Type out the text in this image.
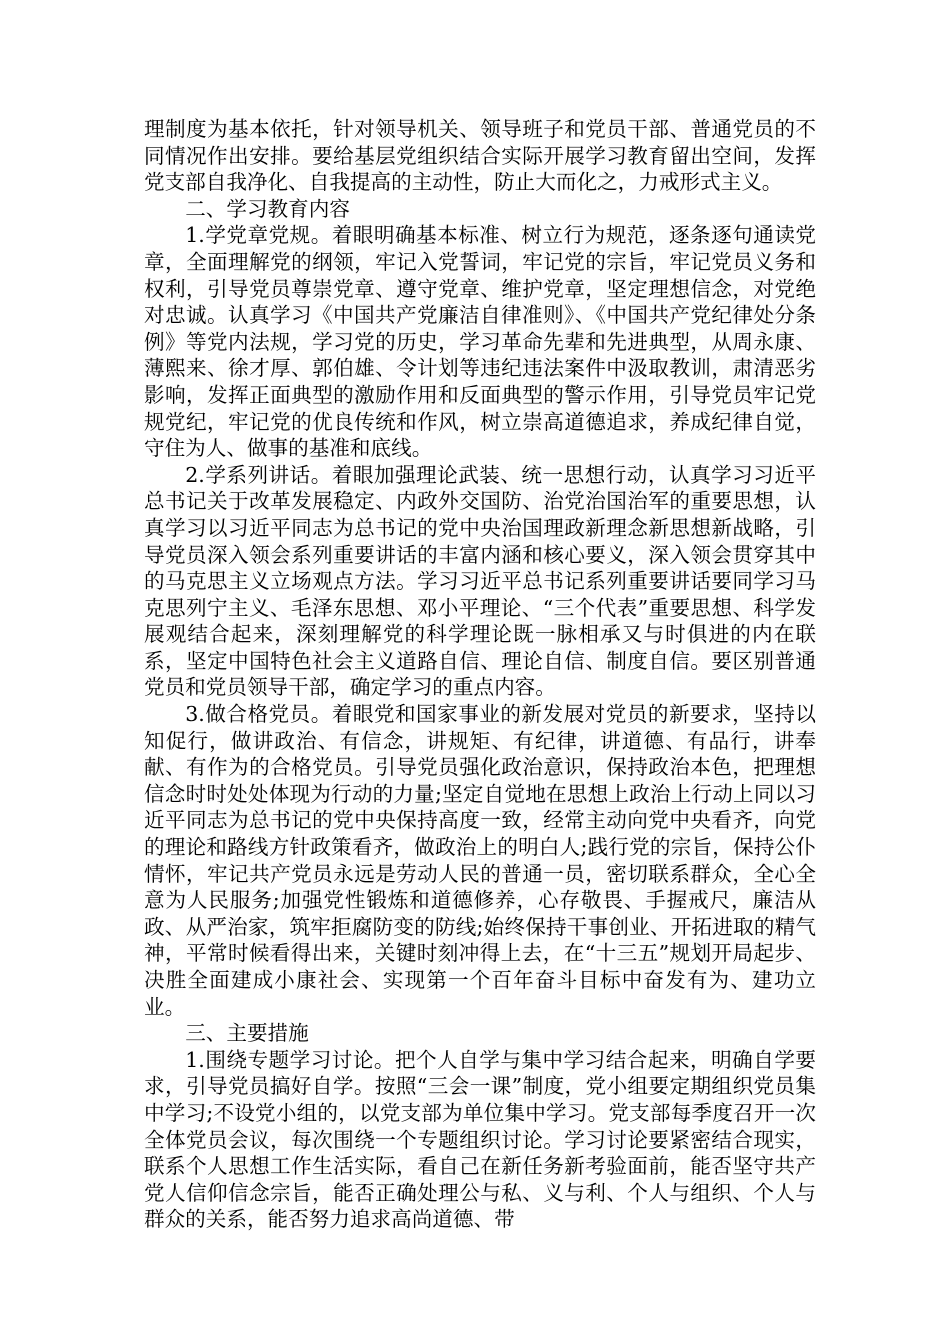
理制度为基本依托，针对领导机关、领导班子和党员干部、普通党员的不同情况作出安排。要给基层党组织结合实际开展学习教育留出空间，发挥党支部自我净化、自我提高的主动性，防止大而化之，力戒形式主义。

二、学习教育内容

1.学党章党规。着眼明确基本标准、树立行为规范，逐条逐句通读党章，全面理解党的纲领，牢记入党誓词，牢记党的宗旨，牢记党员义务和权利，引导党员尊崇党章、遵守党章、维护党章，坚定理想信念，对党绝对忠诚。认真学习《中国共产党廉洁自律准则》、《中国共产党纪律处分条例》等党内法规，学习党的历史，学习革命先辈和先进典型，从周永康、薄熙来、徐才厚、郭伯雄、令计划等违纪违法案件中汲取教训，肃清恶劣影响，发挥正面典型的激励作用和反面典型的警示作用，引导党员牢记党规党纪，牢记党的优良传统和作风，树立崇高道德追求，养成纪律自觉，守住为人、做事的基准和底线。

2.学系列讲话。着眼加强理论武装、统一思想行动，认真学习习近平总书记关于改革发展稳定、内政外交国防、治党治国治军的重要思想，认真学习以习近平同志为总书记的党中央治国理政新理念新思想新战略，引导党员深入领会系列重要讲话的丰富内涵和核心要义，深入领会贯穿其中的马克思主义立场观点方法。学习习近平总书记系列重要讲话要同学习马克思列宁主义、毛泽东思想、邓小平理论、“三个代表”重要思想、科学发展观结合起来，深刻理解党的科学理论既一脉相承又与时俱进的内在联系，坚定中国特色社会主义道路自信、理论自信、制度自信。要区别普通党员和党员领导干部，确定学习的重点内容。

3.做合格党员。着眼党和国家事业的新发展对党员的新要求，坚持以知促行，做讲政治、有信念，讲规矩、有纪律，讲道德、有品行，讲奉献、有作为的合格党员。引导党员强化政治意识，保持政治本色，把理想信念时时处处体现为行动的力量;坚定自觉地在思想上政治上行动上同以习近平同志为总书记的党中央保持高度一致，经常主动向党中央看齐，向党的理论和路线方针政策看齐，做政治上的明白人;践行党的宗旨，保持公仆情怀，牢记共产党员永远是劳动人民的普通一员，密切联系群众，全心全意为人民服务;加强党性锻炼和道德修养，心存敬畏、手握戒尺，廉洁从政、从严治家，筑牢拒腐防变的防线;始终保持干事创业、开拓进取的精气神，平常时候看得出来，关键时刻冲得上去，在“十三五”规划开局起步、决胜全面建成小康社会、实现第一个百年奋斗目标中奋发有为、建功立业。

三、主要措施

1.围绕专题学习讨论。把个人自学与集中学习结合起来，明确自学要求，引导党员搞好自学。按照“三会一课”制度，党小组要定期组织党员集中学习;不设党小组的，以党支部为单位集中学习。党支部每季度召开一次全体党员会议，每次围绕一个专题组织讨论。学习讨论要紧密结合现实，联系个人思想工作生活实际，看自己在新任务新考验面前，能否坚守共产党人信仰信念宗旨，能否正确处理公与私、义与利、个人与组织、个人与群众的关系，能否努力追求高尚道德、带
